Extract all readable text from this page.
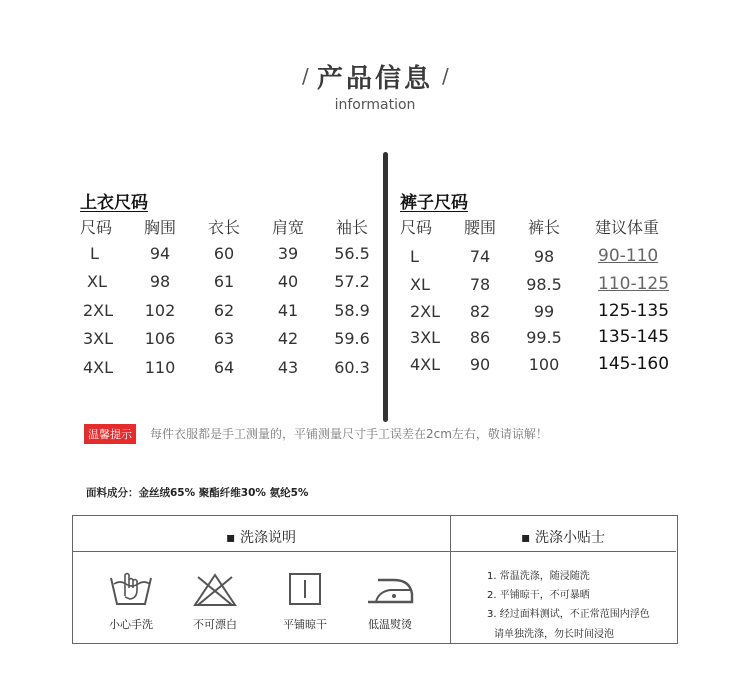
/ 产品信息 /
information
上衣尺码
尺码	胸围	衣长	肩宽	袖长
L	94	60	39	56.5
XL	98	61	40	57.2
2XL	102	62	41	58.9
3XL	106	63	42	59.6
4XL	110	64	43	60.3
裤子尺码
尺码	腰围	裤长	建议体重
L	74	98	90-110
XL	78	98.5	110-125
2XL	82	99	125-135
3XL	86	99.5	135-145
4XL	90	100	145-160
温馨提示	每件衣服都是手工测量的，平铺测量尺寸手工误差在2cm左右，敬请谅解！
面料成分：金丝绒65% 聚酯纤维30% 氨纶5%
▪ 洗涤说明	▪ 洗涤小贴士
小心手洗	不可漂白	平铺晾干	低温熨烫
1. 常温洗涤，随浸随洗
2. 平铺晾干，不可暴晒
3. 经过面料测试，不正常范围内浮色
请单独洗涤，勿长时间浸泡
